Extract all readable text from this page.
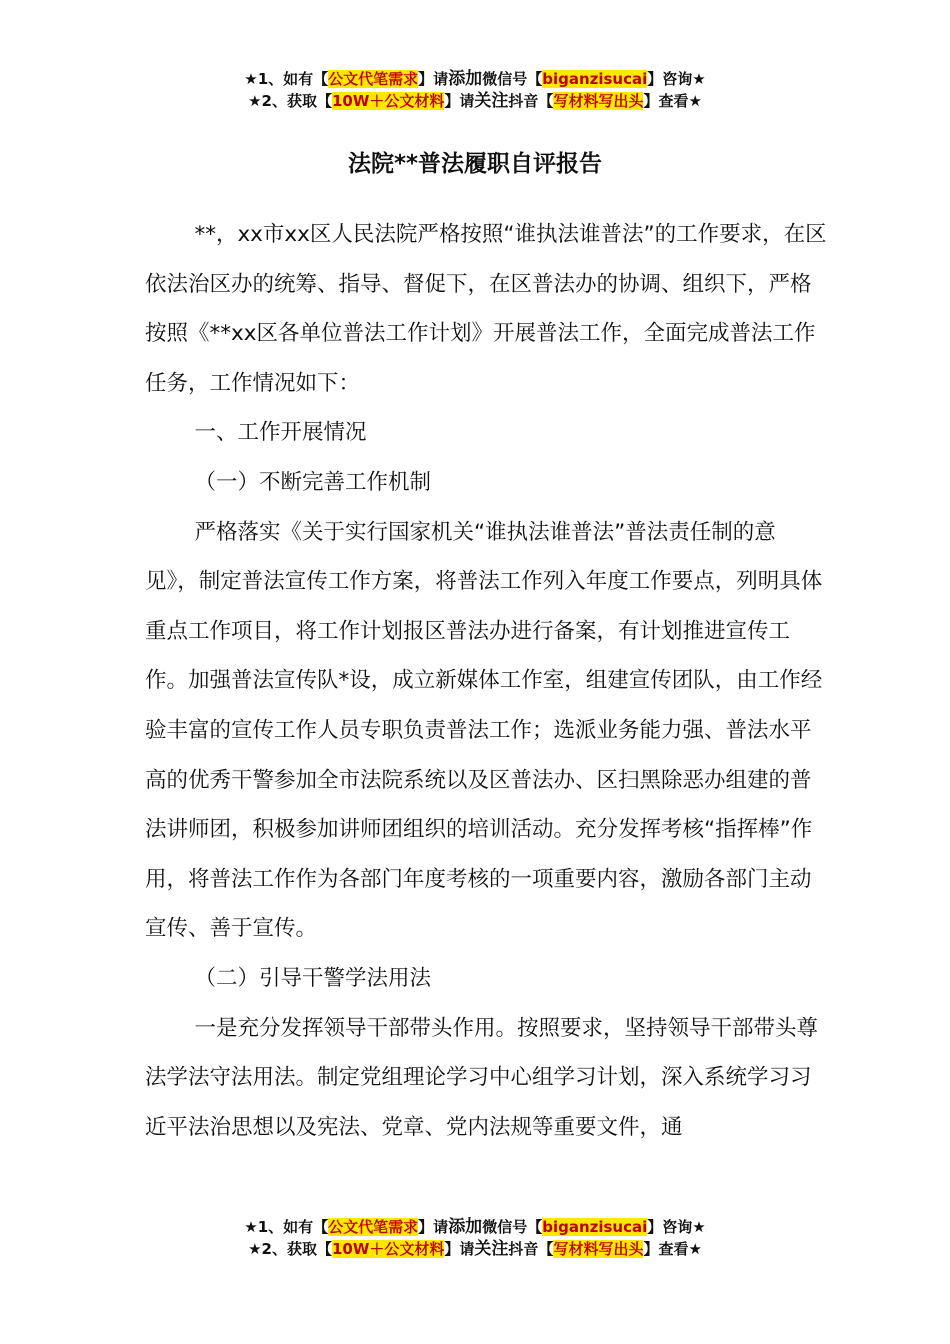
★1、如有【公文代笔需求】请添加微信号【biganzisucai】咨询★
★2、获取【10W＋公文材料】请关注抖音【写材料写出头】查看★
法院**普法履职自评报告

**，xx市xx区人民法院严格按照“谁执法谁普法”的工作要求，在区依法治区办的统筹、指导、督促下，在区普法办的协调、组织下，严格按照《**xx区各单位普法工作计划》开展普法工作，全面完成普法工作任务，工作情况如下：

一、工作开展情况

（一）不断完善工作机制

严格落实《关于实行国家机关“谁执法谁普法”普法责任制的意见》，制定普法宣传工作方案，将普法工作列入年度工作要点，列明具体重点工作项目，将工作计划报区普法办进行备案，有计划推进宣传工作。加强普法宣传队*设，成立新媒体工作室，组建宣传团队，由工作经验丰富的宣传工作人员专职负责普法工作；选派业务能力强、普法水平高的优秀干警参加全市法院系统以及区普法办、区扫黑除恶办组建的普法讲师团，积极参加讲师团组织的培训活动。充分发挥考核“指挥棒”作用，将普法工作作为各部门年度考核的一项重要内容，激励各部门主动宣传、善于宣传。

（二）引导干警学法用法

一是充分发挥领导干部带头作用。按照要求，坚持领导干部带头尊法学法守法用法。制定党组理论学习中心组学习计划，深入系统学习习近平法治思想以及宪法、党章、党内法规等重要文件，通

★1、如有【公文代笔需求】请添加微信号【biganzisucai】咨询★
★2、获取【10W＋公文材料】请关注抖音【写材料写出头】查看★
